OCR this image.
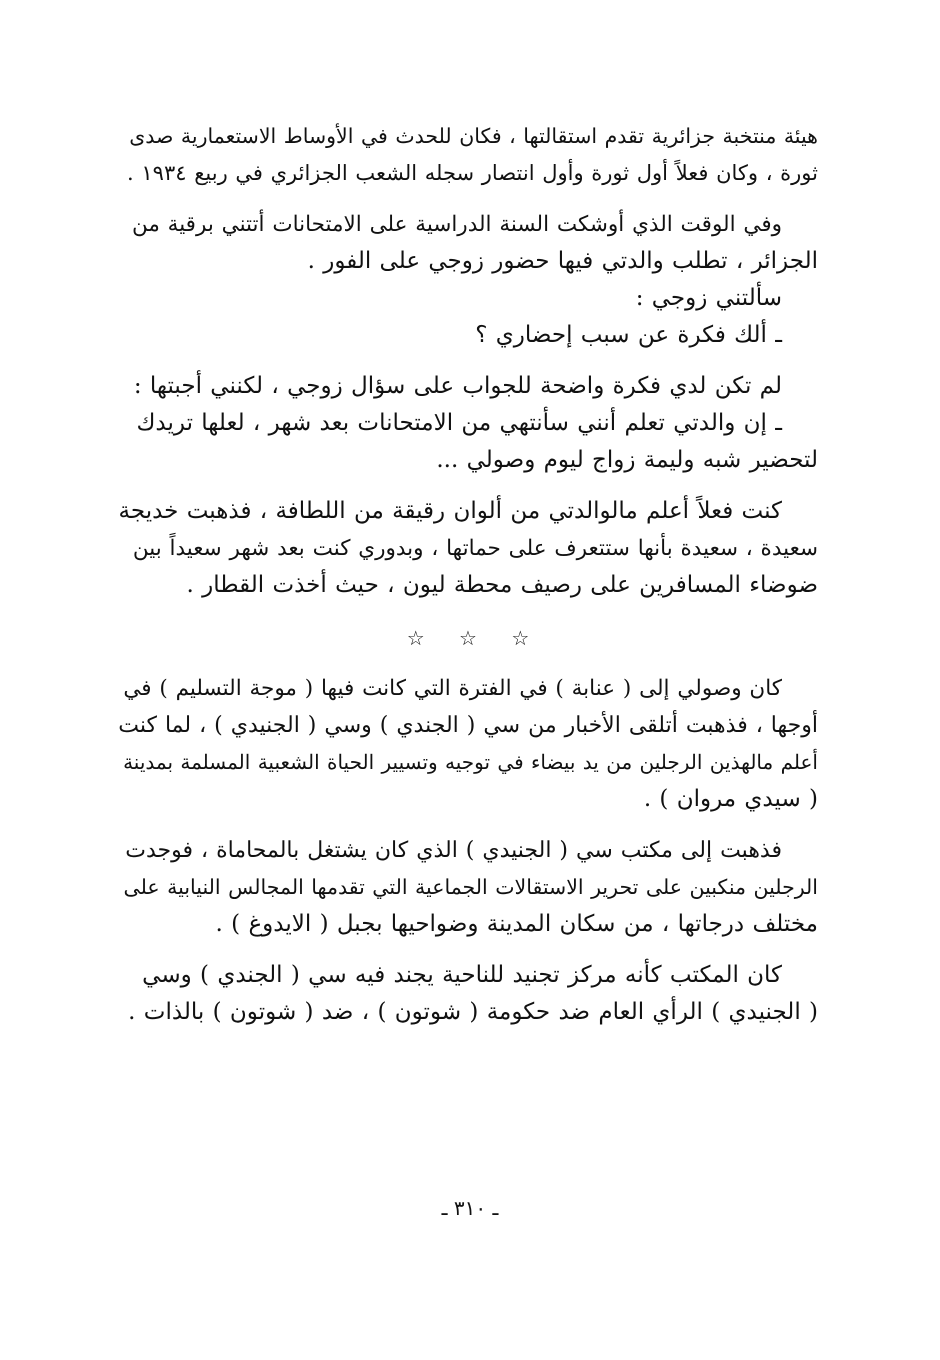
هيئة منتخبة جزائرية تقدم استقالتها ، فكان للحدث في الأوساط الاستعمارية صدى
ثورة ، وكان فعلاً أول ثورة وأول انتصار سجله الشعب الجزائري في ربيع ١٩٣٤ .

وفي الوقت الذي أوشكت السنة الدراسية على الامتحانات أتتني برقية من
الجزائر ، تطلب والدتي فيها حضور زوجي على الفور .

سألتني زوجي :

ـ ألك فكرة عن سبب إحضاري ؟

لم تكن لدي فكرة واضحة للجواب على سؤال زوجي ، لكنني أجبتها :

ـ إن والدتي تعلم أنني سأنتهي من الامتحانات بعد شهر ، لعلها تريدك
لتحضير شبه وليمة زواج ليوم وصولي ...

كنت فعلاً أعلم مالوالدتي من ألوان رقيقة من اللطافة ، فذهبت خديجة
سعيدة ، سعيدة بأنها ستتعرف على حماتها ، وبدوري كنت بعد شهر سعيداً بين
ضوضاء المسافرين على رصيف محطة ليون ، حيث أخذت القطار .

☆ ☆ ☆

كان وصولي إلى ( عنابة ) في الفترة التي كانت فيها ( موجة التسليم ) في
أوجها ، فذهبت أتلقى الأخبار من سي ( الجندي ) وسي ( الجنيدي ) ، لما كنت
أعلم مالهذين الرجلين من يد بيضاء في توجيه وتسيير الحياة الشعبية المسلمة بمدينة
( سيدي مروان ) .

فذهبت إلى مكتب سي ( الجنيدي ) الذي كان يشتغل بالمحاماة ، فوجدت
الرجلين منكبين على تحرير الاستقالات الجماعية التي تقدمها المجالس النيابية على
مختلف درجاتها ، من سكان المدينة وضواحيها بجبل ( الايدوغ ) .

كان المكتب كأنه مركز تجنيد للناحية يجند فيه سي ( الجندي ) وسي
( الجنيدي ) الرأي العام ضد حكومة ( شوتون ) ، ضد ( شوتون ) بالذات .

ـ ٣١٠ ـ
